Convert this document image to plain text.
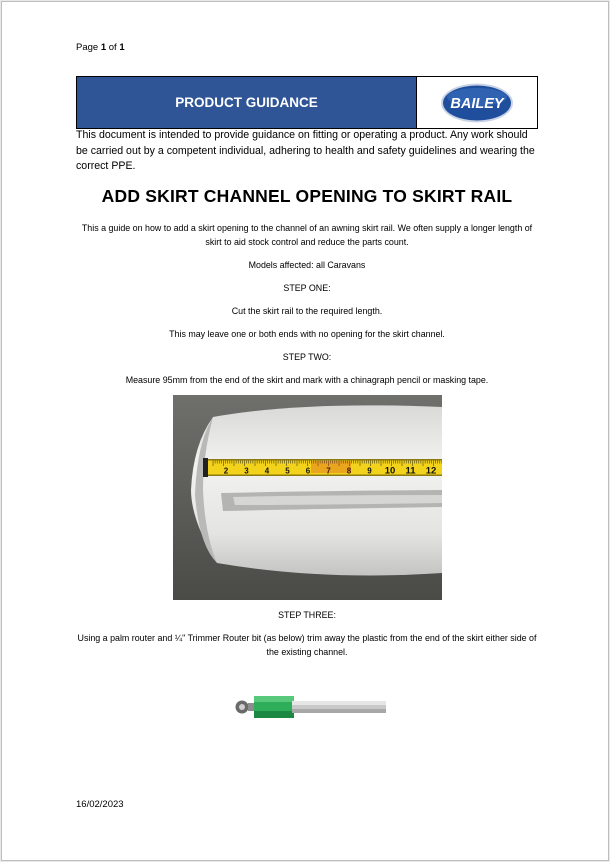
Page 1 of 1
PRODUCT GUIDANCE	BAILEY
This document is intended to provide guidance on fitting or operating a product. Any work should be carried out by a competent individual, adhering to health and safety guidelines and wearing the correct PPE.
ADD SKIRT CHANNEL OPENING TO SKIRT RAIL
This a guide on how to add a skirt opening to the channel of an awning skirt rail. We often supply a longer length of skirt to aid stock control and reduce the parts count.
Models affected: all Caravans
STEP ONE:
Cut the skirt rail to the required length.
This may leave one or both ends with no opening for the skirt channel.
STEP TWO:
Measure 95mm from the end of the skirt and mark with a chinagraph pencil or masking tape.
2 3 4 5 6 7 8 9 10 11 12
STEP THREE:
Using a palm router and ¼" Trimmer Router bit (as below) trim away the plastic from the end of the skirt either side of the existing channel.
16/02/2023
